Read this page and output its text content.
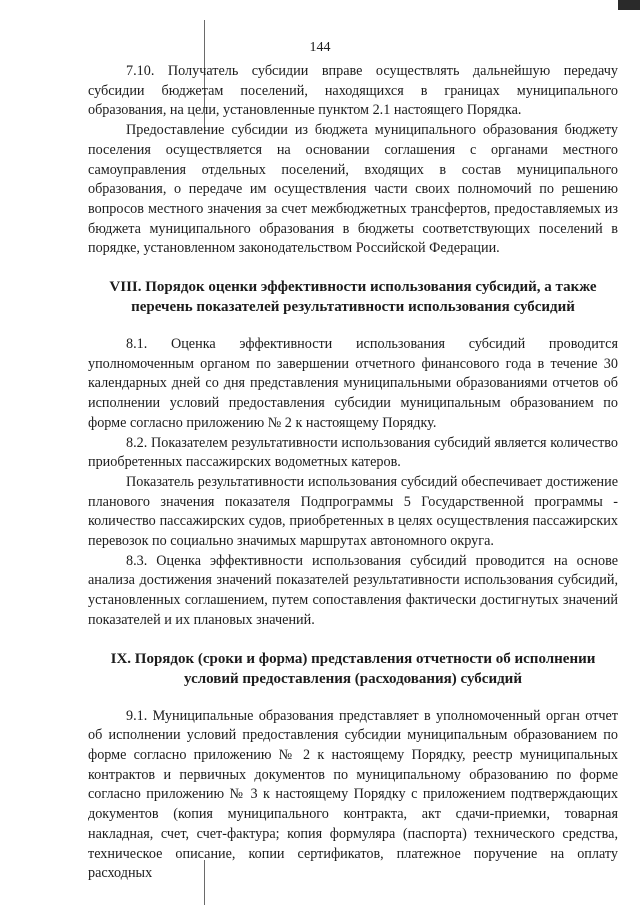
144

7.10. Получатель субсидии вправе осуществлять дальнейшую передачу субсидии бюджетам поселений, находящихся в границах муниципального образования, на цели, установленные пунктом 2.1 настоящего Порядка.

Предоставление субсидии из бюджета муниципального образования бюджету поселения осуществляется на основании соглашения с органами местного самоуправления отдельных поселений, входящих в состав муниципального образования, о передаче им осуществления части своих полномочий по решению вопросов местного значения за счет межбюджетных трансфертов, предоставляемых из бюджета муниципального образования в бюджеты соответствующих поселений в порядке, установленном законодательством Российской Федерации.

VIII. Порядок оценки эффективности использования субсидий, а также перечень показателей результативности использования субсидий

8.1. Оценка эффективности использования субсидий проводится уполномоченным органом по завершении отчетного финансового года в течение 30 календарных дней со дня представления муниципальными образованиями отчетов об исполнении условий предоставления субсидии муниципальным образованием по форме согласно приложению № 2 к настоящему Порядку.

8.2. Показателем результативности использования субсидий является количество приобретенных пассажирских водометных катеров.

Показатель результативности использования субсидий обеспечивает достижение планового значения показателя Подпрограммы 5 Государственной программы - количество пассажирских судов, приобретенных в целях осуществления пассажирских перевозок по социально значимых маршрутах автономного округа.

8.3. Оценка эффективности использования субсидий проводится на основе анализа достижения значений показателей результативности использования субсидий, установленных соглашением, путем сопоставления фактически достигнутых значений показателей и их плановых значений.

IX. Порядок (сроки и форма) представления отчетности об исполнении условий предоставления (расходования) субсидий

9.1. Муниципальные образования представляет в уполномоченный орган отчет об исполнении условий предоставления субсидии муниципальным образованием по форме согласно приложению № 2 к настоящему Порядку, реестр муниципальных контрактов и первичных документов по муниципальному образованию по форме согласно приложению № 3 к настоящему Порядку с приложением подтверждающих документов (копия муниципального контракта, акт сдачи-приемки, товарная накладная, счет, счет-фактура; копия формуляра (паспорта) технического средства, техническое описание, копии сертификатов, платежное поручение на оплату расходных
